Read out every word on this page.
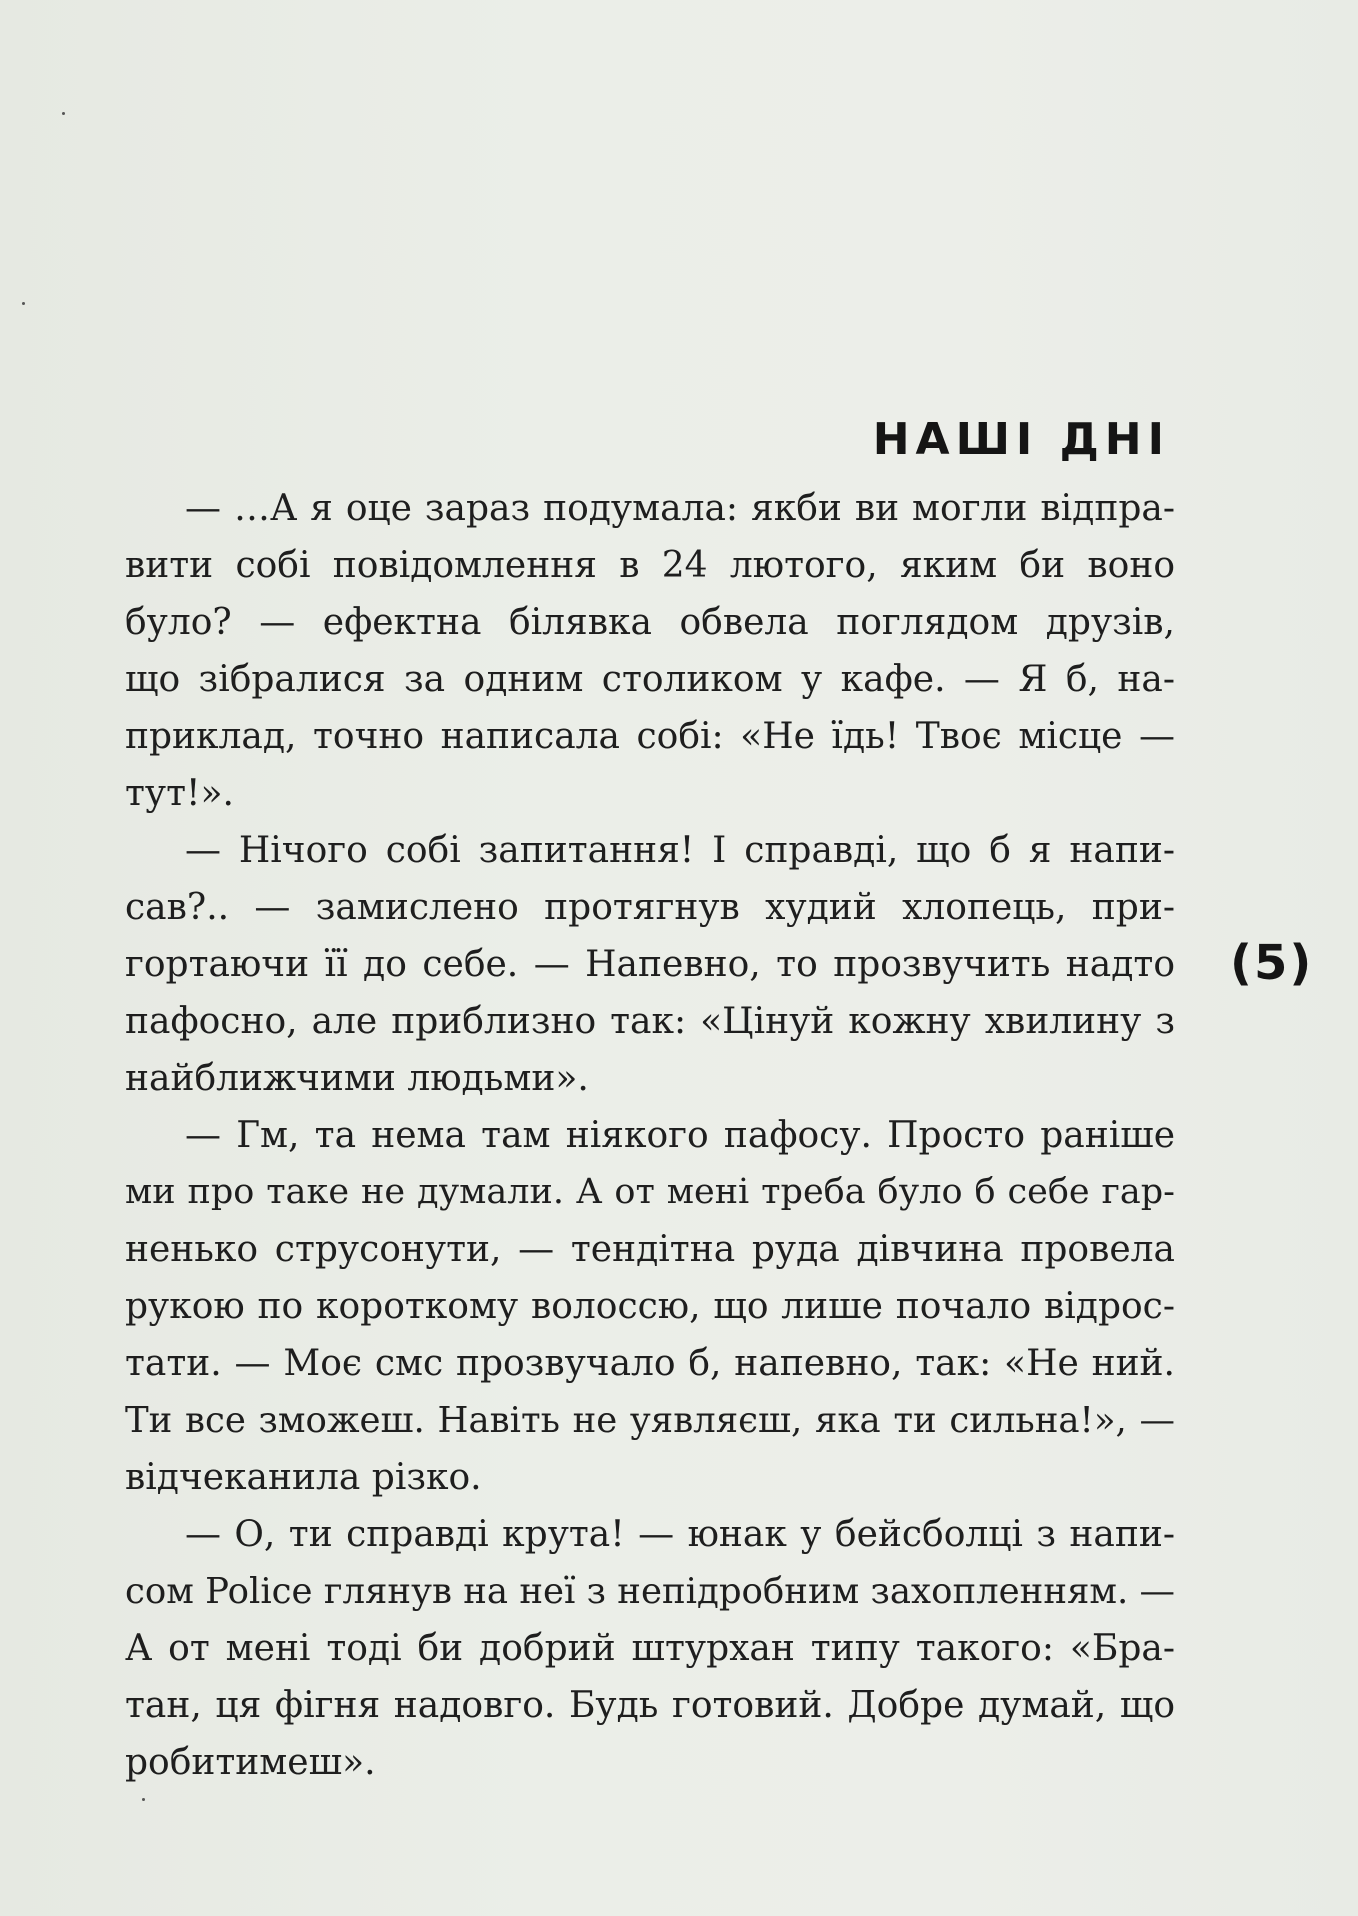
НАШІ ДНІ
— …А я оце зараз подумала: якби ви могли відпра-
вити собі повідомлення в 24 лютого, яким би воно
було? — ефектна білявка обвела поглядом друзів,
що зібралися за одним столиком у кафе. — Я б, на-
приклад, точно написала собі: «Не їдь! Твоє місце —
тут!».
— Нічого собі запитання! І справді, що б я напи-
сав?.. — замислено протягнув худий хлопець, при-
гортаючи її до себе. — Напевно, то прозвучить надто
пафосно, але приблизно так: «Цінуй кожну хвилину з
найближчими людьми».
— Гм, та нема там ніякого пафосу. Просто раніше
ми про таке не думали. А от мені треба було б себе гар-
ненько струсонути, — тендітна руда дівчина провела
рукою по короткому волоссю, що лише почало відрос-
тати. — Моє смс прозвучало б, напевно, так: «Не ний.
Ти все зможеш. Навіть не уявляєш, яка ти сильна!», —
відчеканила різко.
— О, ти справді крута! — юнак у бейсболці з напи-
сом Police глянув на неї з непідробним захопленням. —
А от мені тоді би добрий штурхан типу такого: «Бра-
тан, ця фігня надовго. Будь готовий. Добре думай, що
робитимеш».
(5)
